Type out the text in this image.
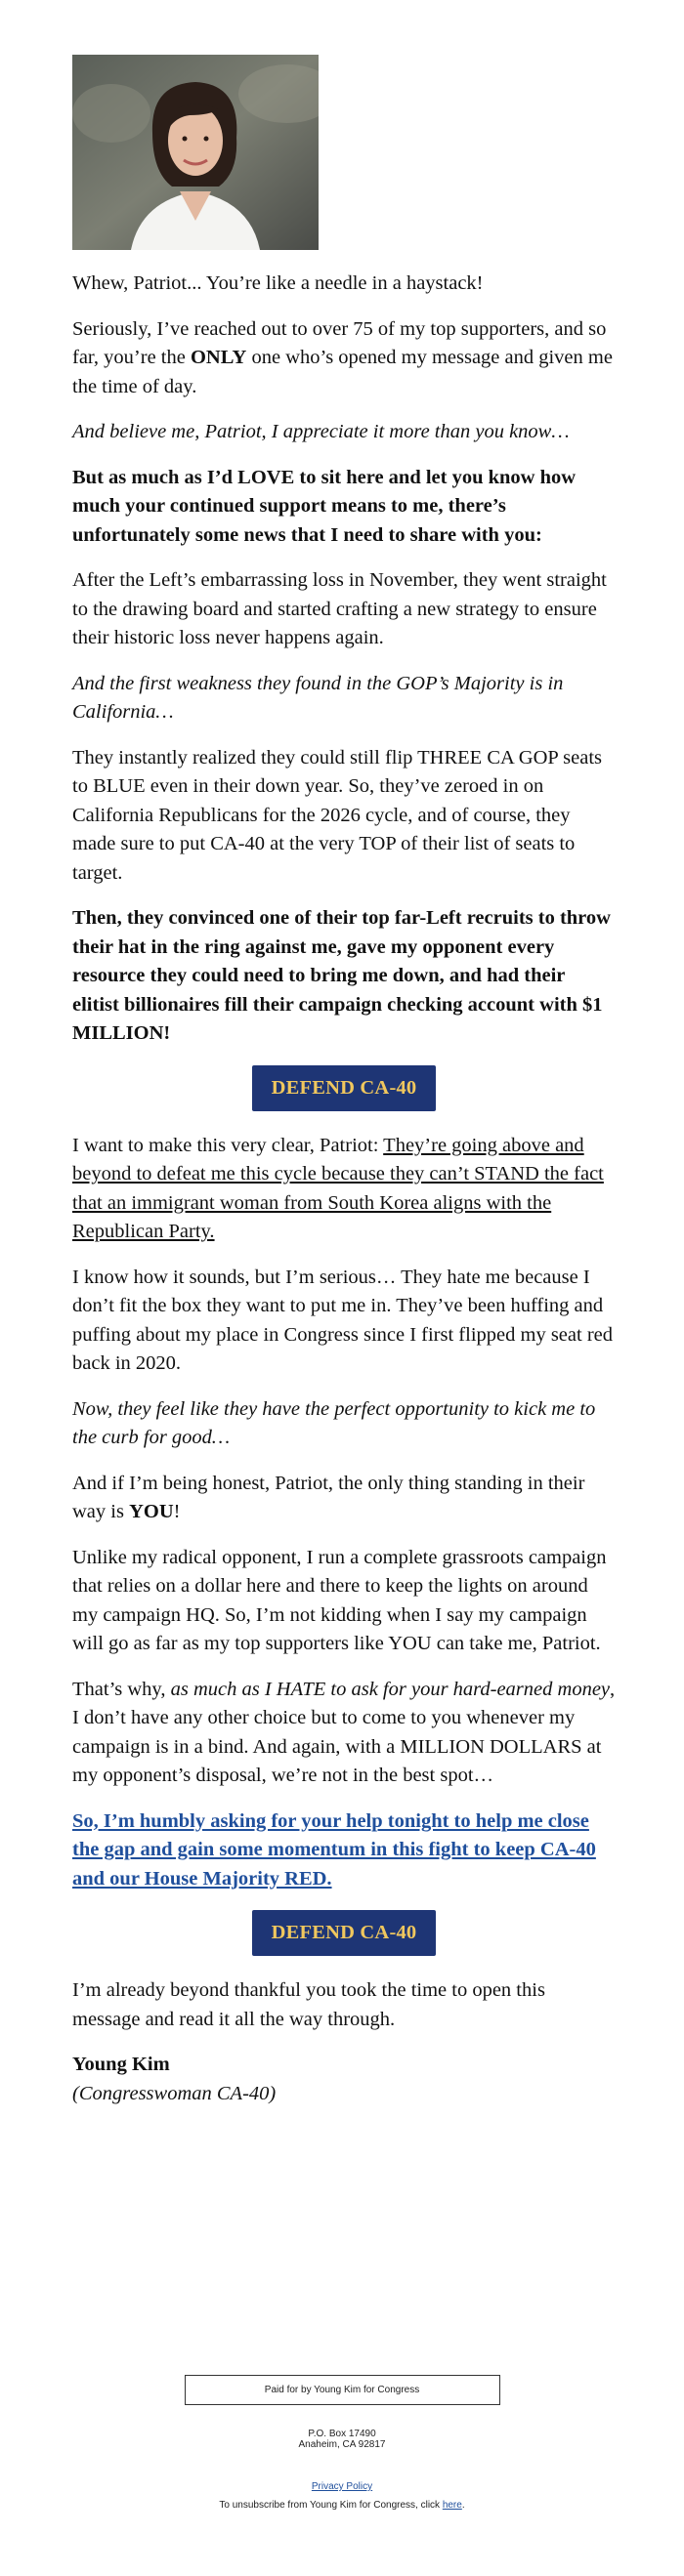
Whew, Patriot... You’re like a needle in a haystack!

Seriously, I’ve reached out to over 75 of my top supporters, and so far, you’re the ONLY one who’s opened my message and given me the time of day.

And believe me, Patriot, I appreciate it more than you know…

But as much as I’d LOVE to sit here and let you know how much your continued support means to me, there’s unfortunately some news that I need to share with you:

After the Left’s embarrassing loss in November, they went straight to the drawing board and started crafting a new strategy to ensure their historic loss never happens again.

And the first weakness they found in the GOP’s Majority is in California…

They instantly realized they could still flip THREE CA GOP seats to BLUE even in their down year. So, they’ve zeroed in on California Republicans for the 2026 cycle, and of course, they made sure to put CA-40 at the very TOP of their list of seats to target.

Then, they convinced one of their top far-Left recruits to throw their hat in the ring against me, gave my opponent every resource they could need to bring me down, and had their elitist billionaires fill their campaign checking account with $1 MILLION!

DEFEND CA-40

I want to make this very clear, Patriot: They’re going above and beyond to defeat me this cycle because they can’t STAND the fact that an immigrant woman from South Korea aligns with the Republican Party.

I know how it sounds, but I’m serious… They hate me because I don’t fit the box they want to put me in. They’ve been huffing and puffing about my place in Congress since I first flipped my seat red back in 2020.

Now, they feel like they have the perfect opportunity to kick me to the curb for good…

And if I’m being honest, Patriot, the only thing standing in their way is YOU!

Unlike my radical opponent, I run a complete grassroots campaign that relies on a dollar here and there to keep the lights on around my campaign HQ. So, I’m not kidding when I say my campaign will go as far as my top supporters like YOU can take me, Patriot.

That’s why, as much as I HATE to ask for your hard-earned money, I don’t have any other choice but to come to you whenever my campaign is in a bind. And again, with a MILLION DOLLARS at my opponent’s disposal, we’re not in the best spot…

So, I’m humbly asking for your help tonight to help me close the gap and gain some momentum in this fight to keep CA-40 and our House Majority RED.

DEFEND CA-40

I’m already beyond thankful you took the time to open this message and read it all the way through.

Young Kim

(Congresswoman CA-40)

Paid for by Young Kim for Congress
P.O. Box 17490
Anaheim, CA 92817
Privacy Policy
To unsubscribe from Young Kim for Congress, click here.
